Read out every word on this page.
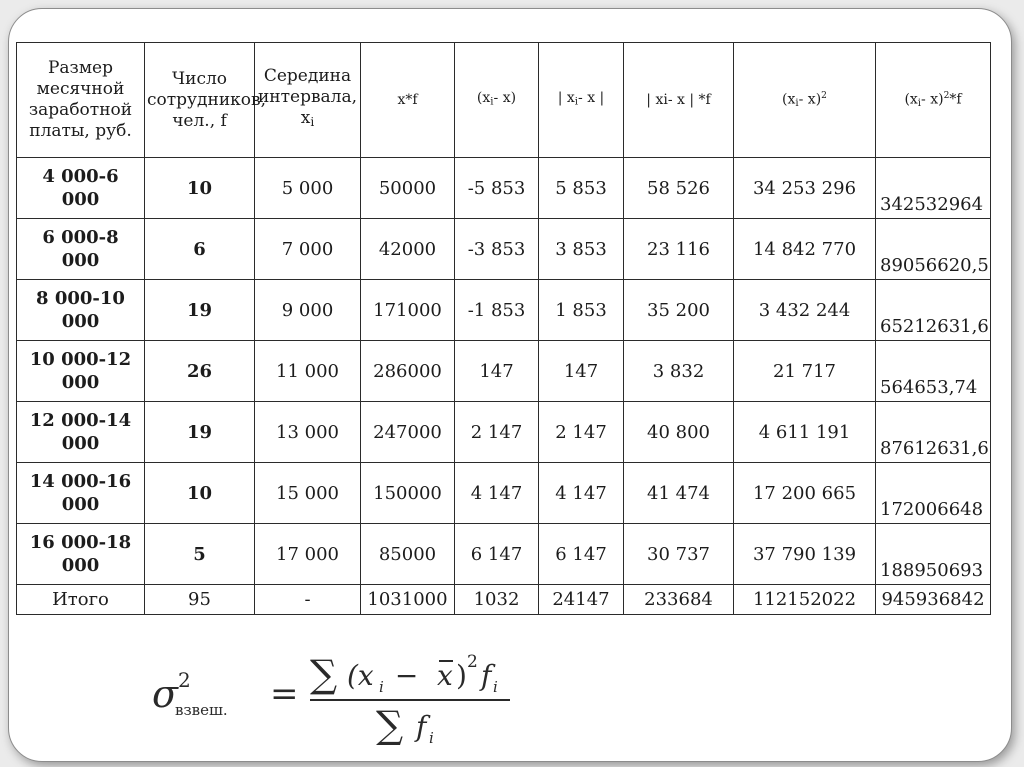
Размер месячной заработной платы, руб.	Число сотрудников, чел., f	Середина интервала, $x_i$	x*f	($x_i-$ x)	| $x_i-$ x |	| xi- x | *f	($x_i-$ x)$^2$	($x_i-$ x)$^2$*f
4 000-6 000	10	5 000	50000	-5 853	5 853	58 526	34 253 296	342532964
6 000-8 000	6	7 000	42000	-3 853	3 853	23 116	14 842 770	89056620,5
8 000-10 000	19	9 000	171000	-1 853	1 853	35 200	3 432 244	65212631,6
10 000-12 000	26	11 000	286000	147	147	3 832	21 717	564653,74
12 000-14 000	19	13 000	247000	2 147	2 147	40 800	4 611 191	87612631,6
14 000-16 000	10	15 000	150000	4 147	4 147	41 474	17 200 665	172006648
16 000-18 000	5	17 000	85000	6 147	6 147	30 737	37 790 139	188950693
Итого	95	-	1031000	1032	24147	233684	112152022	945936842
σ 2
взвеш. = ∑ (x i − x ) 2 f i
∑ f i
